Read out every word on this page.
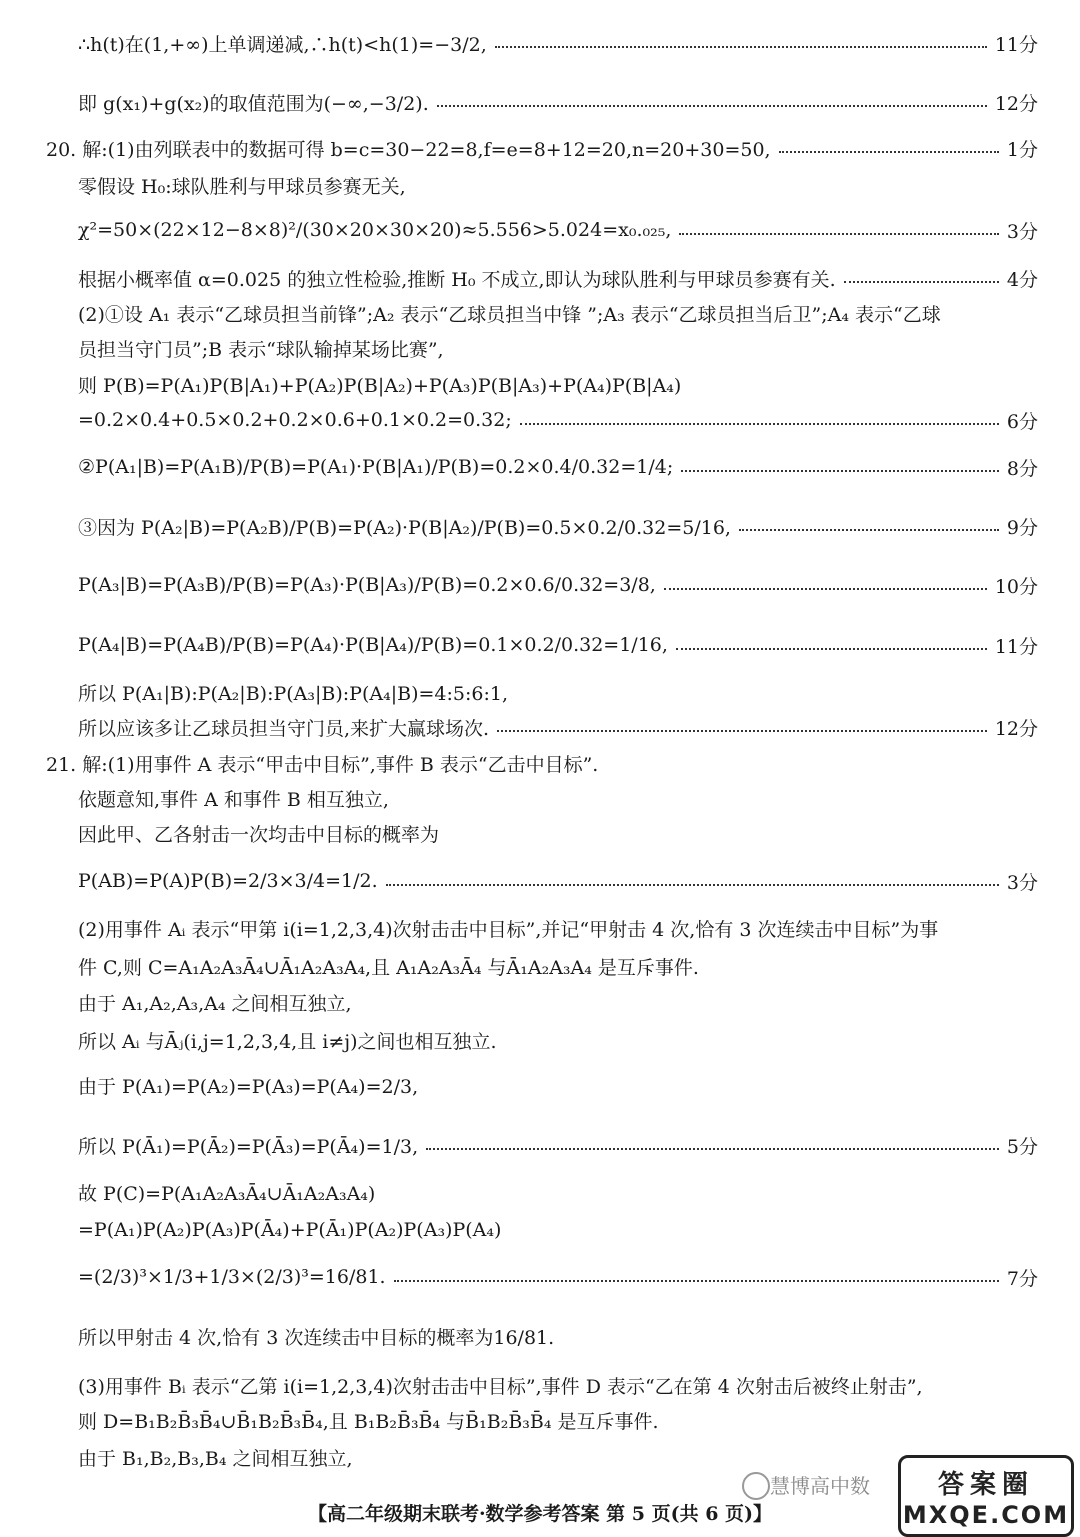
∴h(t)在(1,+∞)上单调递减,∴h(t)<h(1)=−3/2,	11分
即 g(x₁)+g(x₂)的取值范围为(−∞,−3/2).	12分
20. 解:(1)由列联表中的数据可得 b=c=30−22=8,f=e=8+12=20,n=20+30=50,	1分
零假设 H₀:球队胜利与甲球员参赛无关,
χ²=50×(22×12−8×8)²/(30×20×30×20)≈5.556>5.024=x₀.₀₂₅,	3分
根据小概率值 α=0.025 的独立性检验,推断 H₀ 不成立,即认为球队胜利与甲球员参赛有关.	4分
(2)①设 A₁ 表示“乙球员担当前锋”;A₂ 表示“乙球员担当中锋 ”;A₃ 表示“乙球员担当后卫”;A₄ 表示“乙球
员担当守门员”;B 表示“球队输掉某场比赛”,
则 P(B)=P(A₁)P(B|A₁)+P(A₂)P(B|A₂)+P(A₃)P(B|A₃)+P(A₄)P(B|A₄)
=0.2×0.4+0.5×0.2+0.2×0.6+0.1×0.2=0.32;	6分
②P(A₁|B)=P(A₁B)/P(B)=P(A₁)·P(B|A₁)/P(B)=0.2×0.4/0.32=1/4;	8分
③因为 P(A₂|B)=P(A₂B)/P(B)=P(A₂)·P(B|A₂)/P(B)=0.5×0.2/0.32=5/16,	9分
P(A₃|B)=P(A₃B)/P(B)=P(A₃)·P(B|A₃)/P(B)=0.2×0.6/0.32=3/8,	10分
P(A₄|B)=P(A₄B)/P(B)=P(A₄)·P(B|A₄)/P(B)=0.1×0.2/0.32=1/16,	11分
所以 P(A₁|B):P(A₂|B):P(A₃|B):P(A₄|B)=4:5:6:1,
所以应该多让乙球员担当守门员,来扩大赢球场次.	12分
21. 解:(1)用事件 A 表示“甲击中目标”,事件 B 表示“乙击中目标”.
依题意知,事件 A 和事件 B 相互独立,
因此甲、乙各射击一次均击中目标的概率为
P(AB)=P(A)P(B)=2/3×3/4=1/2.	3分
(2)用事件 Aᵢ 表示“甲第 i(i=1,2,3,4)次射击击中目标”,并记“甲射击 4 次,恰有 3 次连续击中目标”为事
件 C,则 C=A₁A₂A₃Ā₄∪Ā₁A₂A₃A₄,且 A₁A₂A₃Ā₄ 与Ā₁A₂A₃A₄ 是互斥事件.
由于 A₁,A₂,A₃,A₄ 之间相互独立,
所以 Aᵢ 与Āⱼ(i,j=1,2,3,4,且 i≠j)之间也相互独立.
由于 P(A₁)=P(A₂)=P(A₃)=P(A₄)=2/3,
所以 P(Ā₁)=P(Ā₂)=P(Ā₃)=P(Ā₄)=1/3,	5分
故 P(C)=P(A₁A₂A₃Ā₄∪Ā₁A₂A₃A₄)
=P(A₁)P(A₂)P(A₃)P(Ā₄)+P(Ā₁)P(A₂)P(A₃)P(A₄)
=(2/3)³×1/3+1/3×(2/3)³=16/81.	7分
所以甲射击 4 次,恰有 3 次连续击中目标的概率为16/81.
(3)用事件 Bᵢ 表示“乙第 i(i=1,2,3,4)次射击击中目标”,事件 D 表示“乙在第 4 次射击后被终止射击”,
则 D=B₁B₂B̄₃B̄₄∪B̄₁B₂B̄₃B̄₄,且 B₁B₂B̄₃B̄₄ 与B̄₁B₂B̄₃B̄₄ 是互斥事件.
由于 B₁,B₂,B₃,B₄ 之间相互独立,
【高二年级期末联考·数学参考答案 第 5 页(共 6 页)】
慧博高中数	答案圈
MXQE.COM
